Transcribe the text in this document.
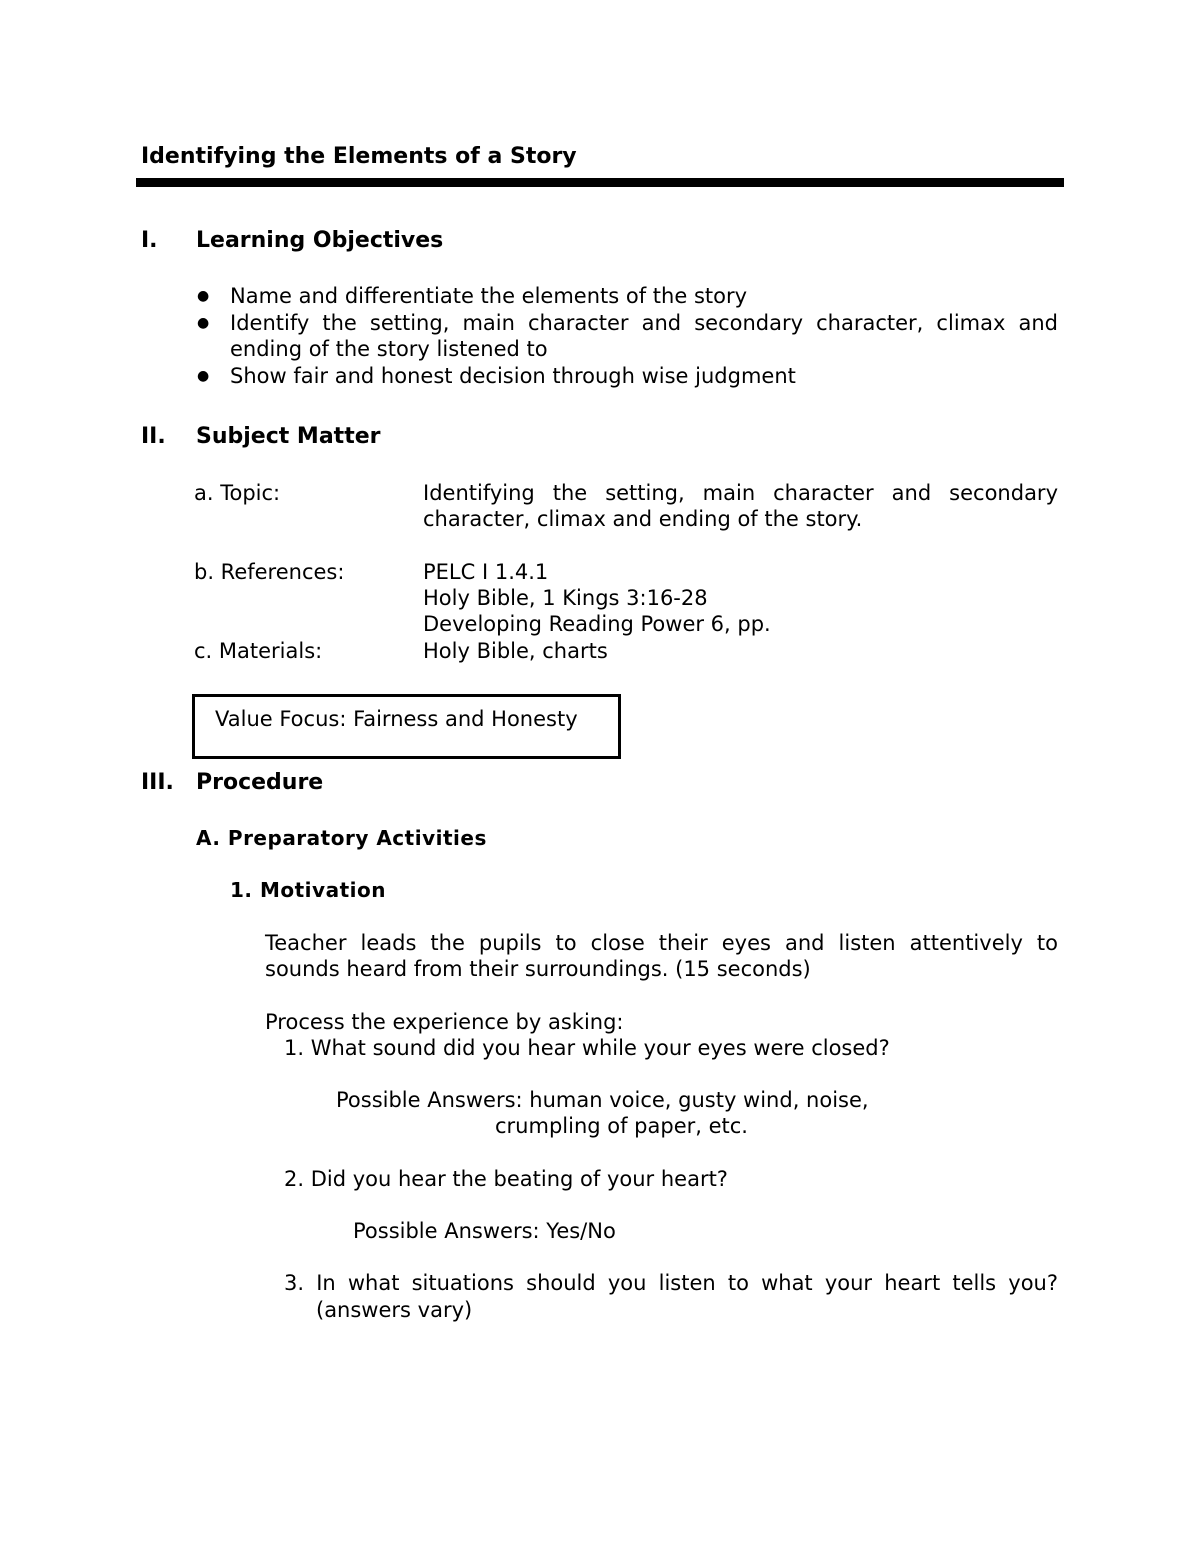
Identifying the Elements of a Story
I. Learning Objectives
● Name and differentiate the elements of the story
● Identify the setting, main character and secondary character, climax and ending of the story listened to
● Show fair and honest decision through wise judgment
II. Subject Matter
a. Topic:	Identifying the setting, main character and secondary character, climax and ending of the story.
b. References:	PELC I 1.4.1
Holy Bible, 1 Kings 3:16-28
Developing Reading Power 6, pp.
c. Materials:	Holy Bible, charts
Value Focus: Fairness and Honesty
III. Procedure
A. Preparatory Activities
1. Motivation
Teacher leads the pupils to close their eyes and listen attentively to sounds heard from their surroundings. (15 seconds)
Process the experience by asking:
1. What sound did you hear while your eyes were closed?
Possible Answers: human voice, gusty wind, noise,
crumpling of paper, etc.
2. Did you hear the beating of your heart?
Possible Answers: Yes/No
3. In what situations should you listen to what your heart tells you?
(answers vary)
